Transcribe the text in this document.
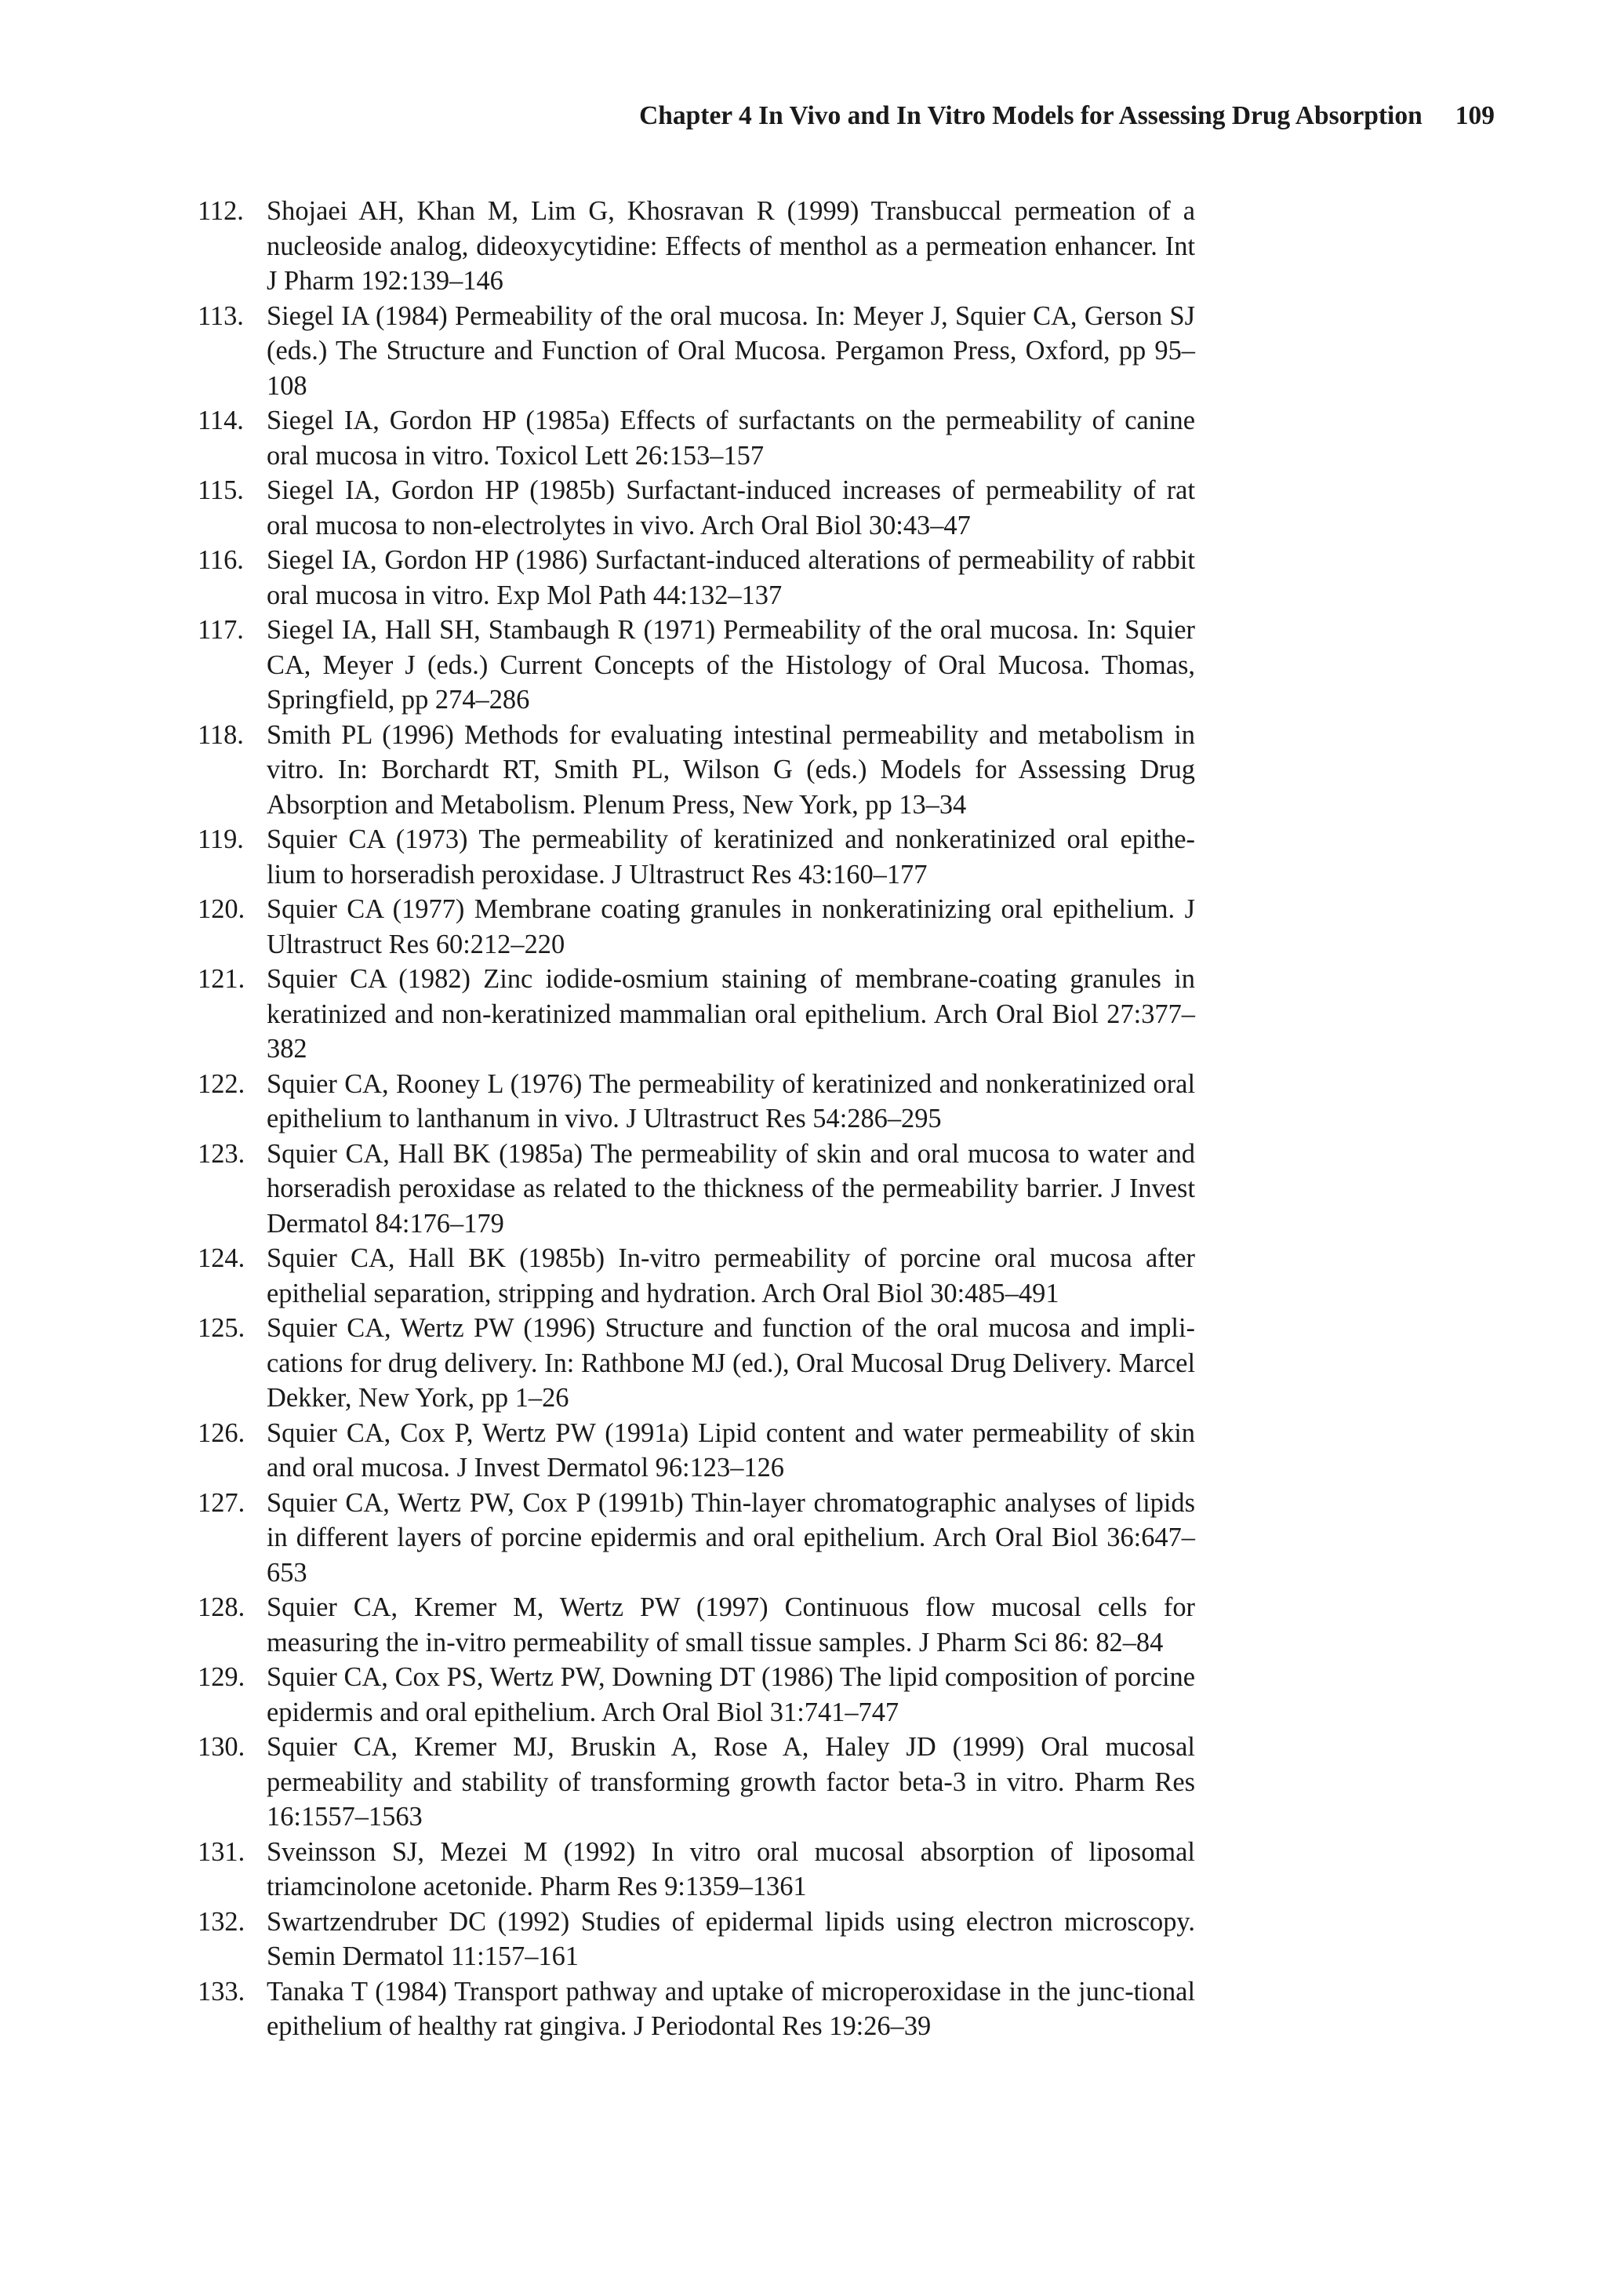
Chapter 4 In Vivo and In Vitro Models for Assessing Drug Absorption 109
112. Shojaei AH, Khan M, Lim G, Khosravan R (1999) Transbuccal permeation of a nucleoside analog, dideoxycytidine: Effects of menthol as a permeation enhancer. Int J Pharm 192:139–146
113. Siegel IA (1984) Permeability of the oral mucosa. In: Meyer J, Squier CA, Gerson SJ (eds.) The Structure and Function of Oral Mucosa. Pergamon Press, Oxford, pp 95–108
114. Siegel IA, Gordon HP (1985a) Effects of surfactants on the permeability of canine oral mucosa in vitro. Toxicol Lett 26:153–157
115. Siegel IA, Gordon HP (1985b) Surfactant-induced increases of permeability of rat oral mucosa to non-electrolytes in vivo. Arch Oral Biol 30:43–47
116. Siegel IA, Gordon HP (1986) Surfactant-induced alterations of permeability of rabbit oral mucosa in vitro. Exp Mol Path 44:132–137
117. Siegel IA, Hall SH, Stambaugh R (1971) Permeability of the oral mucosa. In: Squier CA, Meyer J (eds.) Current Concepts of the Histology of Oral Mucosa. Thomas, Springfield, pp 274–286
118. Smith PL (1996) Methods for evaluating intestinal permeability and metabolism in vitro. In: Borchardt RT, Smith PL, Wilson G (eds.) Models for Assessing Drug Absorption and Metabolism. Plenum Press, New York, pp 13–34
119. Squier CA (1973) The permeability of keratinized and nonkeratinized oral epithe-lium to horseradish peroxidase. J Ultrastruct Res 43:160–177
120. Squier CA (1977) Membrane coating granules in nonkeratinizing oral epithelium. J Ultrastruct Res 60:212–220
121. Squier CA (1982) Zinc iodide-osmium staining of membrane-coating granules in keratinized and non-keratinized mammalian oral epithelium. Arch Oral Biol 27:377–382
122. Squier CA, Rooney L (1976) The permeability of keratinized and nonkeratinized oral epithelium to lanthanum in vivo. J Ultrastruct Res 54:286–295
123. Squier CA, Hall BK (1985a) The permeability of skin and oral mucosa to water and horseradish peroxidase as related to the thickness of the permeability barrier. J Invest Dermatol 84:176–179
124. Squier CA, Hall BK (1985b) In-vitro permeability of porcine oral mucosa after epithelial separation, stripping and hydration. Arch Oral Biol 30:485–491
125. Squier CA, Wertz PW (1996) Structure and function of the oral mucosa and impli-cations for drug delivery. In: Rathbone MJ (ed.), Oral Mucosal Drug Delivery. Marcel Dekker, New York, pp 1–26
126. Squier CA, Cox P, Wertz PW (1991a) Lipid content and water permeability of skin and oral mucosa. J Invest Dermatol 96:123–126
127. Squier CA, Wertz PW, Cox P (1991b) Thin-layer chromatographic analyses of lipids in different layers of porcine epidermis and oral epithelium. Arch Oral Biol 36:647–653
128. Squier CA, Kremer M, Wertz PW (1997) Continuous flow mucosal cells for measuring the in-vitro permeability of small tissue samples. J Pharm Sci 86: 82–84
129. Squier CA, Cox PS, Wertz PW, Downing DT (1986) The lipid composition of porcine epidermis and oral epithelium. Arch Oral Biol 31:741–747
130. Squier CA, Kremer MJ, Bruskin A, Rose A, Haley JD (1999) Oral mucosal permeability and stability of transforming growth factor beta-3 in vitro. Pharm Res 16:1557–1563
131. Sveinsson SJ, Mezei M (1992) In vitro oral mucosal absorption of liposomal triamcinolone acetonide. Pharm Res 9:1359–1361
132. Swartzendruber DC (1992) Studies of epidermal lipids using electron microscopy. Semin Dermatol 11:157–161
133. Tanaka T (1984) Transport pathway and uptake of microperoxidase in the junc-tional epithelium of healthy rat gingiva. J Periodontal Res 19:26–39
